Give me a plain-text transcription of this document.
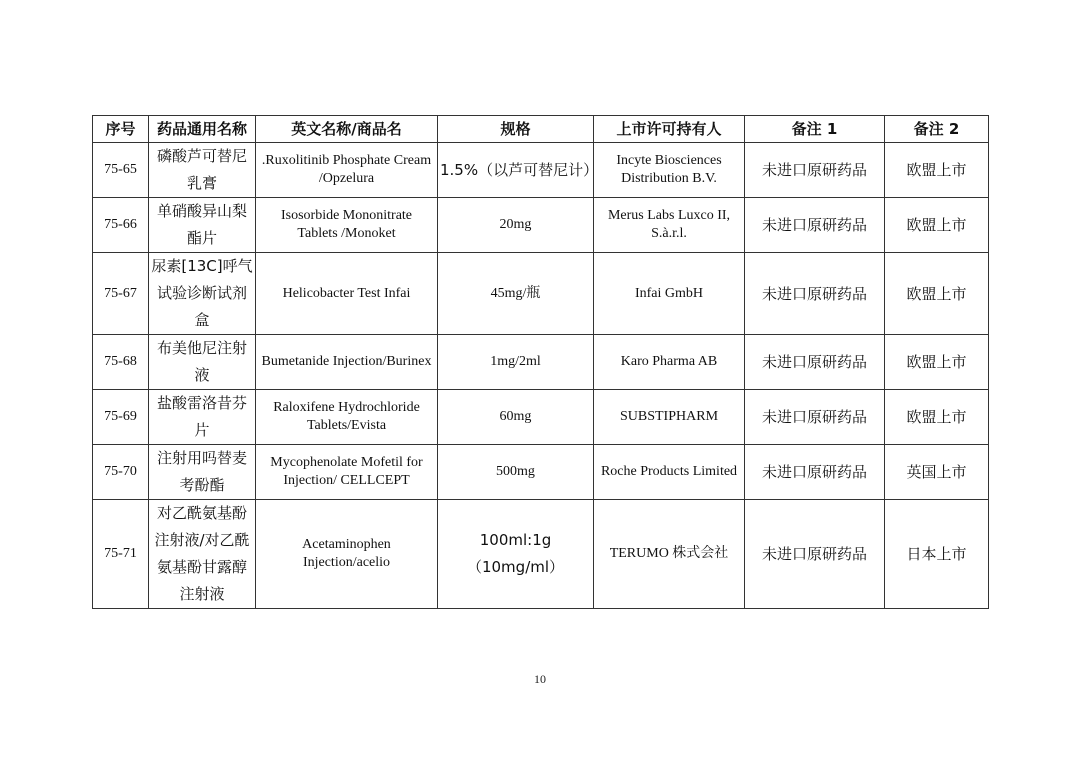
序号	药品通用名称	英文名称/商品名	规格	上市许可持有人	备注 1	备注 2
75-65	磷酸芦可替尼乳膏	.Ruxolitinib Phosphate Cream /Opzelura	1.5%（以芦可替尼计）	Incyte Biosciences Distribution B.V.	未进口原研药品	欧盟上市
75-66	单硝酸异山梨酯片	Isosorbide Mononitrate Tablets /Monoket	20mg	Merus Labs Luxco II, S.à.r.l.	未进口原研药品	欧盟上市
75-67	尿素[13C]呼气试验诊断试剂盒	Helicobacter Test Infai	45mg/瓶	Infai GmbH	未进口原研药品	欧盟上市
75-68	布美他尼注射液	Bumetanide Injection/Burinex	1mg/2ml	Karo Pharma AB	未进口原研药品	欧盟上市
75-69	盐酸雷洛昔芬片	Raloxifene Hydrochloride Tablets/Evista	60mg	SUBSTIPHARM	未进口原研药品	欧盟上市
75-70	注射用吗替麦考酚酯	Mycophenolate Mofetil for Injection/ CELLCEPT	500mg	Roche Products Limited	未进口原研药品	英国上市
75-71	对乙酰氨基酚注射液/对乙酰氨基酚甘露醇注射液	Acetaminophen Injection/acelio	100ml:1g （10mg/ml）	TERUMO 株式会社	未进口原研药品	日本上市
10
